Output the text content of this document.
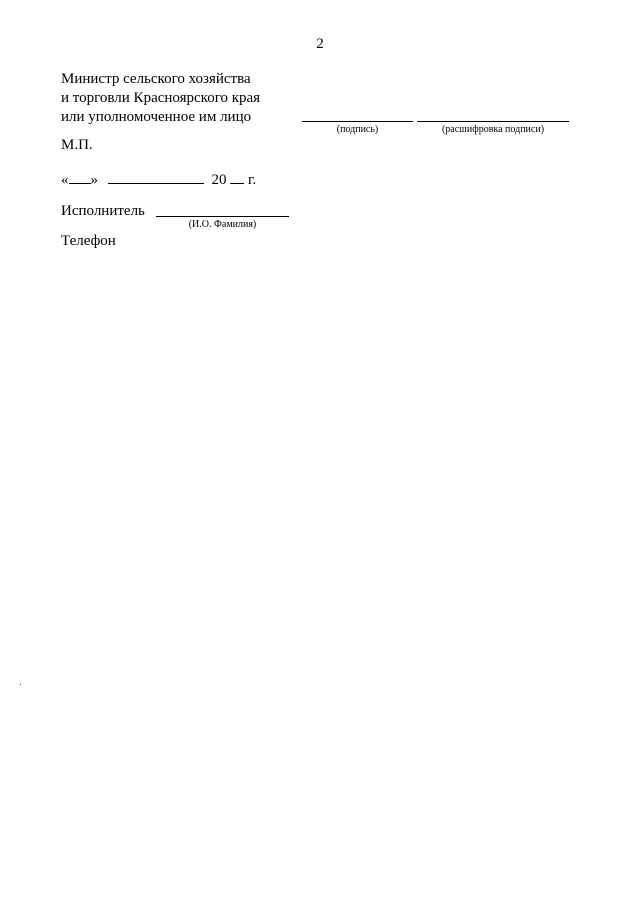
2
Министр сельского хозяйства
и торговли Красноярского края
или уполномоченное им лицо
(подпись)	(расшифровка подписи)
М.П.
« »	20 г.
Исполнитель
(И.О. Фамилия)
Телефон
